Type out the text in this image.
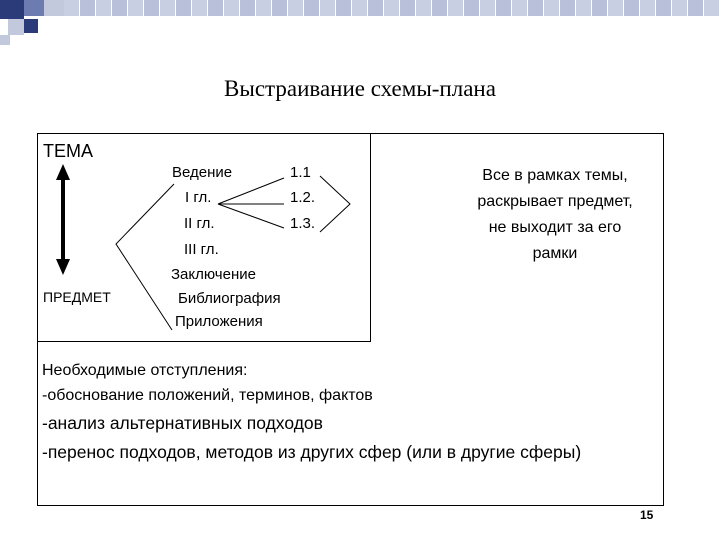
Выстраивание схемы-плана
ТЕМА
ПРЕДМЕТ
Ведение
I гл.
II гл.
III гл.
Заключение
Библиография
Приложения
1.1
1.2.
1.3.
Все в рамках темы,
раскрывает предмет,
не выходит за его
рамки
Необходимые отступления:
-обоснование положений, терминов, фактов
-анализ альтернативных подходов
-перенос подходов, методов из других сфер (или в другие сферы)
15
